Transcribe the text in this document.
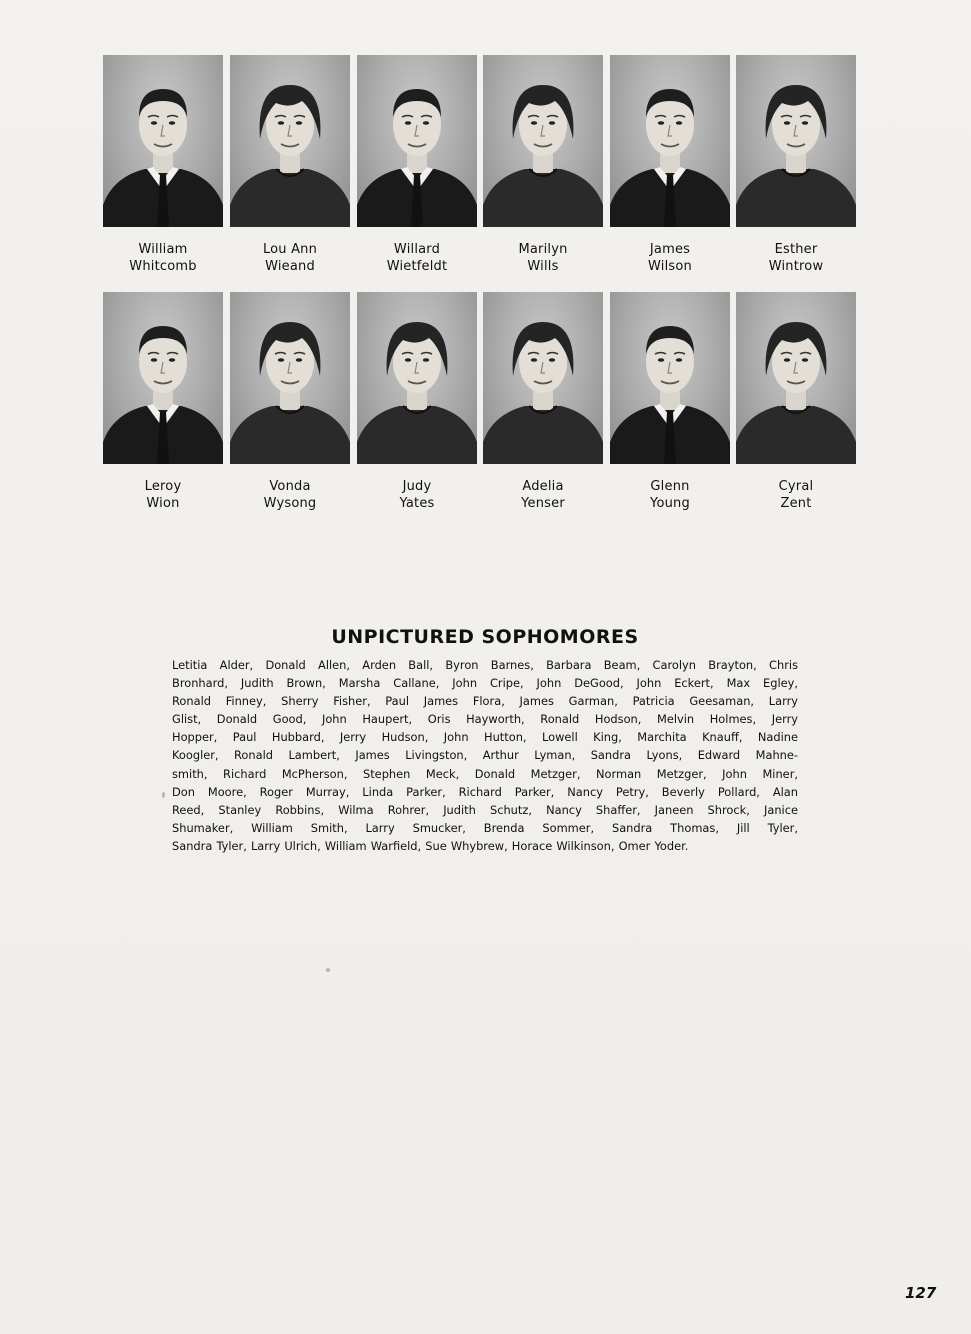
William
Whitcomb
Lou Ann
Wieand
Willard
Wietfeldt
Marilyn
Wills
James
Wilson
Esther
Wintrow
Leroy
Wion
Vonda
Wysong
Judy
Yates
Adelia
Yenser
Glenn
Young
Cyral
Zent
UNPICTURED SOPHOMORES

Letitia Alder, Donald Allen, Arden Ball, Byron Barnes, Barbara Beam, Carolyn Brayton, Chris
Bronhard, Judith Brown, Marsha Callane, John Cripe, John DeGood, John Eckert, Max Egley,
Ronald Finney, Sherry Fisher, Paul James Flora, James Garman, Patricia Geesaman, Larry
Glist, Donald Good, John Haupert, Oris Hayworth, Ronald Hodson, Melvin Holmes, Jerry
Hopper, Paul Hubbard, Jerry Hudson, John Hutton, Lowell King, Marchita Knauff, Nadine
Koogler, Ronald Lambert, James Livingston, Arthur Lyman, Sandra Lyons, Edward Mahne-
smith, Richard McPherson, Stephen Meck, Donald Metzger, Norman Metzger, John Miner,
Don Moore, Roger Murray, Linda Parker, Richard Parker, Nancy Petry, Beverly Pollard, Alan
Reed, Stanley Robbins, Wilma Rohrer, Judith Schutz, Nancy Shaffer, Janeen Shrock, Janice
Shumaker, William Smith, Larry Smucker, Brenda Sommer, Sandra Thomas, Jill Tyler,
Sandra Tyler, Larry Ulrich, William Warfield, Sue Whybrew, Horace Wilkinson, Omer Yoder.

127
